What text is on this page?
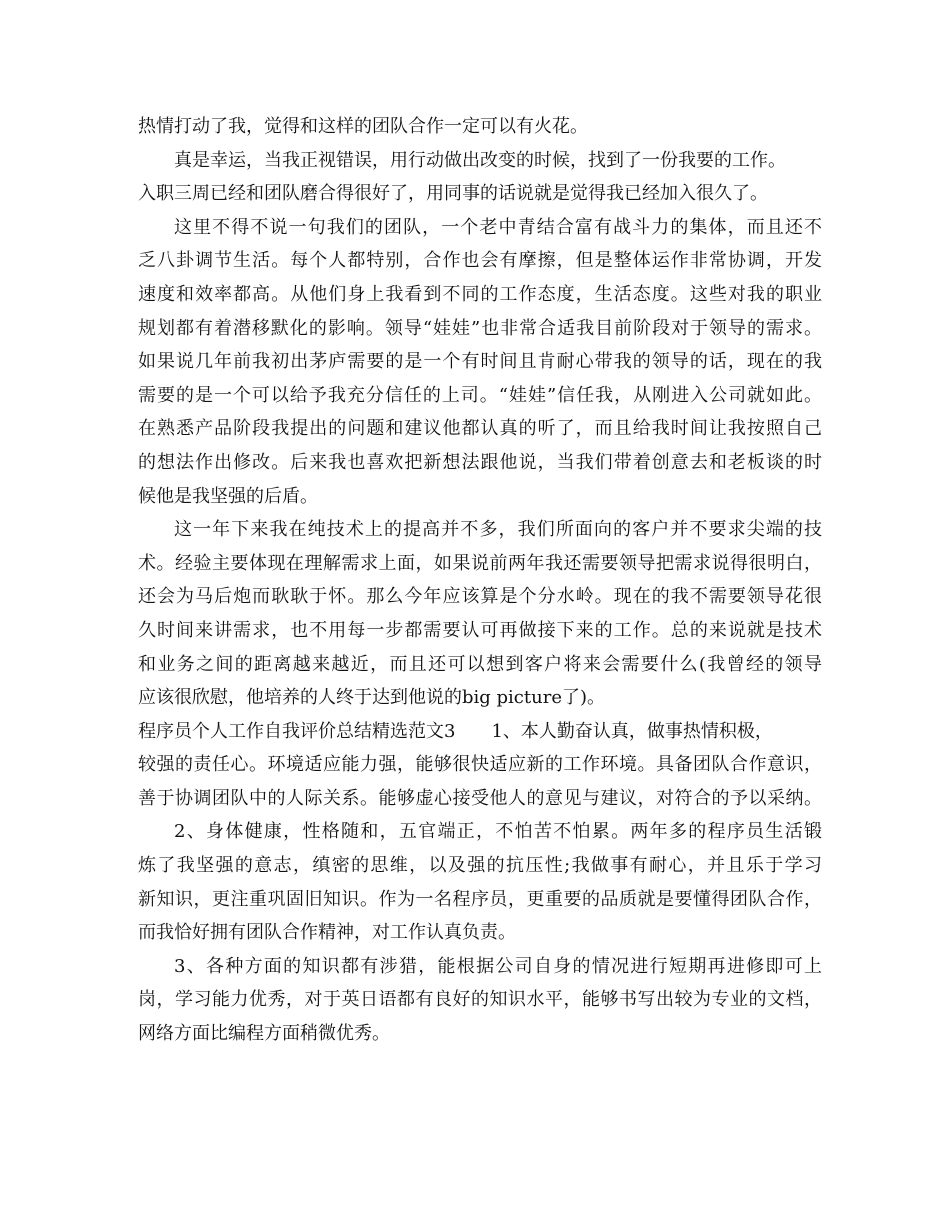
热情打动了我，觉得和这样的团队合作一定可以有火花。
真是幸运，当我正视错误，用行动做出改变的时候，找到了一份我要的工作。
入职三周已经和团队磨合得很好了，用同事的话说就是觉得我已经加入很久了。
这里不得不说一句我们的团队，一个老中青结合富有战斗力的集体，而且还不
乏八卦调节生活。每个人都特别，合作也会有摩擦，但是整体运作非常协调，开发
速度和效率都高。从他们身上我看到不同的工作态度，生活态度。这些对我的职业
规划都有着潜移默化的影响。领导“娃娃”也非常合适我目前阶段对于领导的需求。
如果说几年前我初出茅庐需要的是一个有时间且肯耐心带我的领导的话，现在的我
需要的是一个可以给予我充分信任的上司。“娃娃”信任我，从刚进入公司就如此。
在熟悉产品阶段我提出的问题和建议他都认真的听了，而且给我时间让我按照自己
的想法作出修改。后来我也喜欢把新想法跟他说，当我们带着创意去和老板谈的时
候他是我坚强的后盾。
这一年下来我在纯技术上的提高并不多，我们所面向的客户并不要求尖端的技
术。经验主要体现在理解需求上面，如果说前两年我还需要领导把需求说得很明白，
还会为马后炮而耿耿于怀。那么今年应该算是个分水岭。现在的我不需要领导花很
久时间来讲需求，也不用每一步都需要认可再做接下来的工作。总的来说就是技术
和业务之间的距离越来越近，而且还可以想到客户将来会需要什么(我曾经的领导
应该很欣慰，他培养的人终于达到他说的big picture了)。
程序员个人工作自我评价总结精选范文3　　1、本人勤奋认真，做事热情积极，
较强的责任心。环境适应能力强，能够很快适应新的工作环境。具备团队合作意识，
善于协调团队中的人际关系。能够虚心接受他人的意见与建议，对符合的予以采纳。
2、身体健康，性格随和，五官端正，不怕苦不怕累。两年多的程序员生活锻
炼了我坚强的意志，缜密的思维，以及强的抗压性;我做事有耐心，并且乐于学习
新知识，更注重巩固旧知识。作为一名程序员，更重要的品质就是要懂得团队合作，
而我恰好拥有团队合作精神，对工作认真负责。
3、各种方面的知识都有涉猎，能根据公司自身的情况进行短期再进修即可上
岗，学习能力优秀，对于英日语都有良好的知识水平，能够书写出较为专业的文档，
网络方面比编程方面稍微优秀。
